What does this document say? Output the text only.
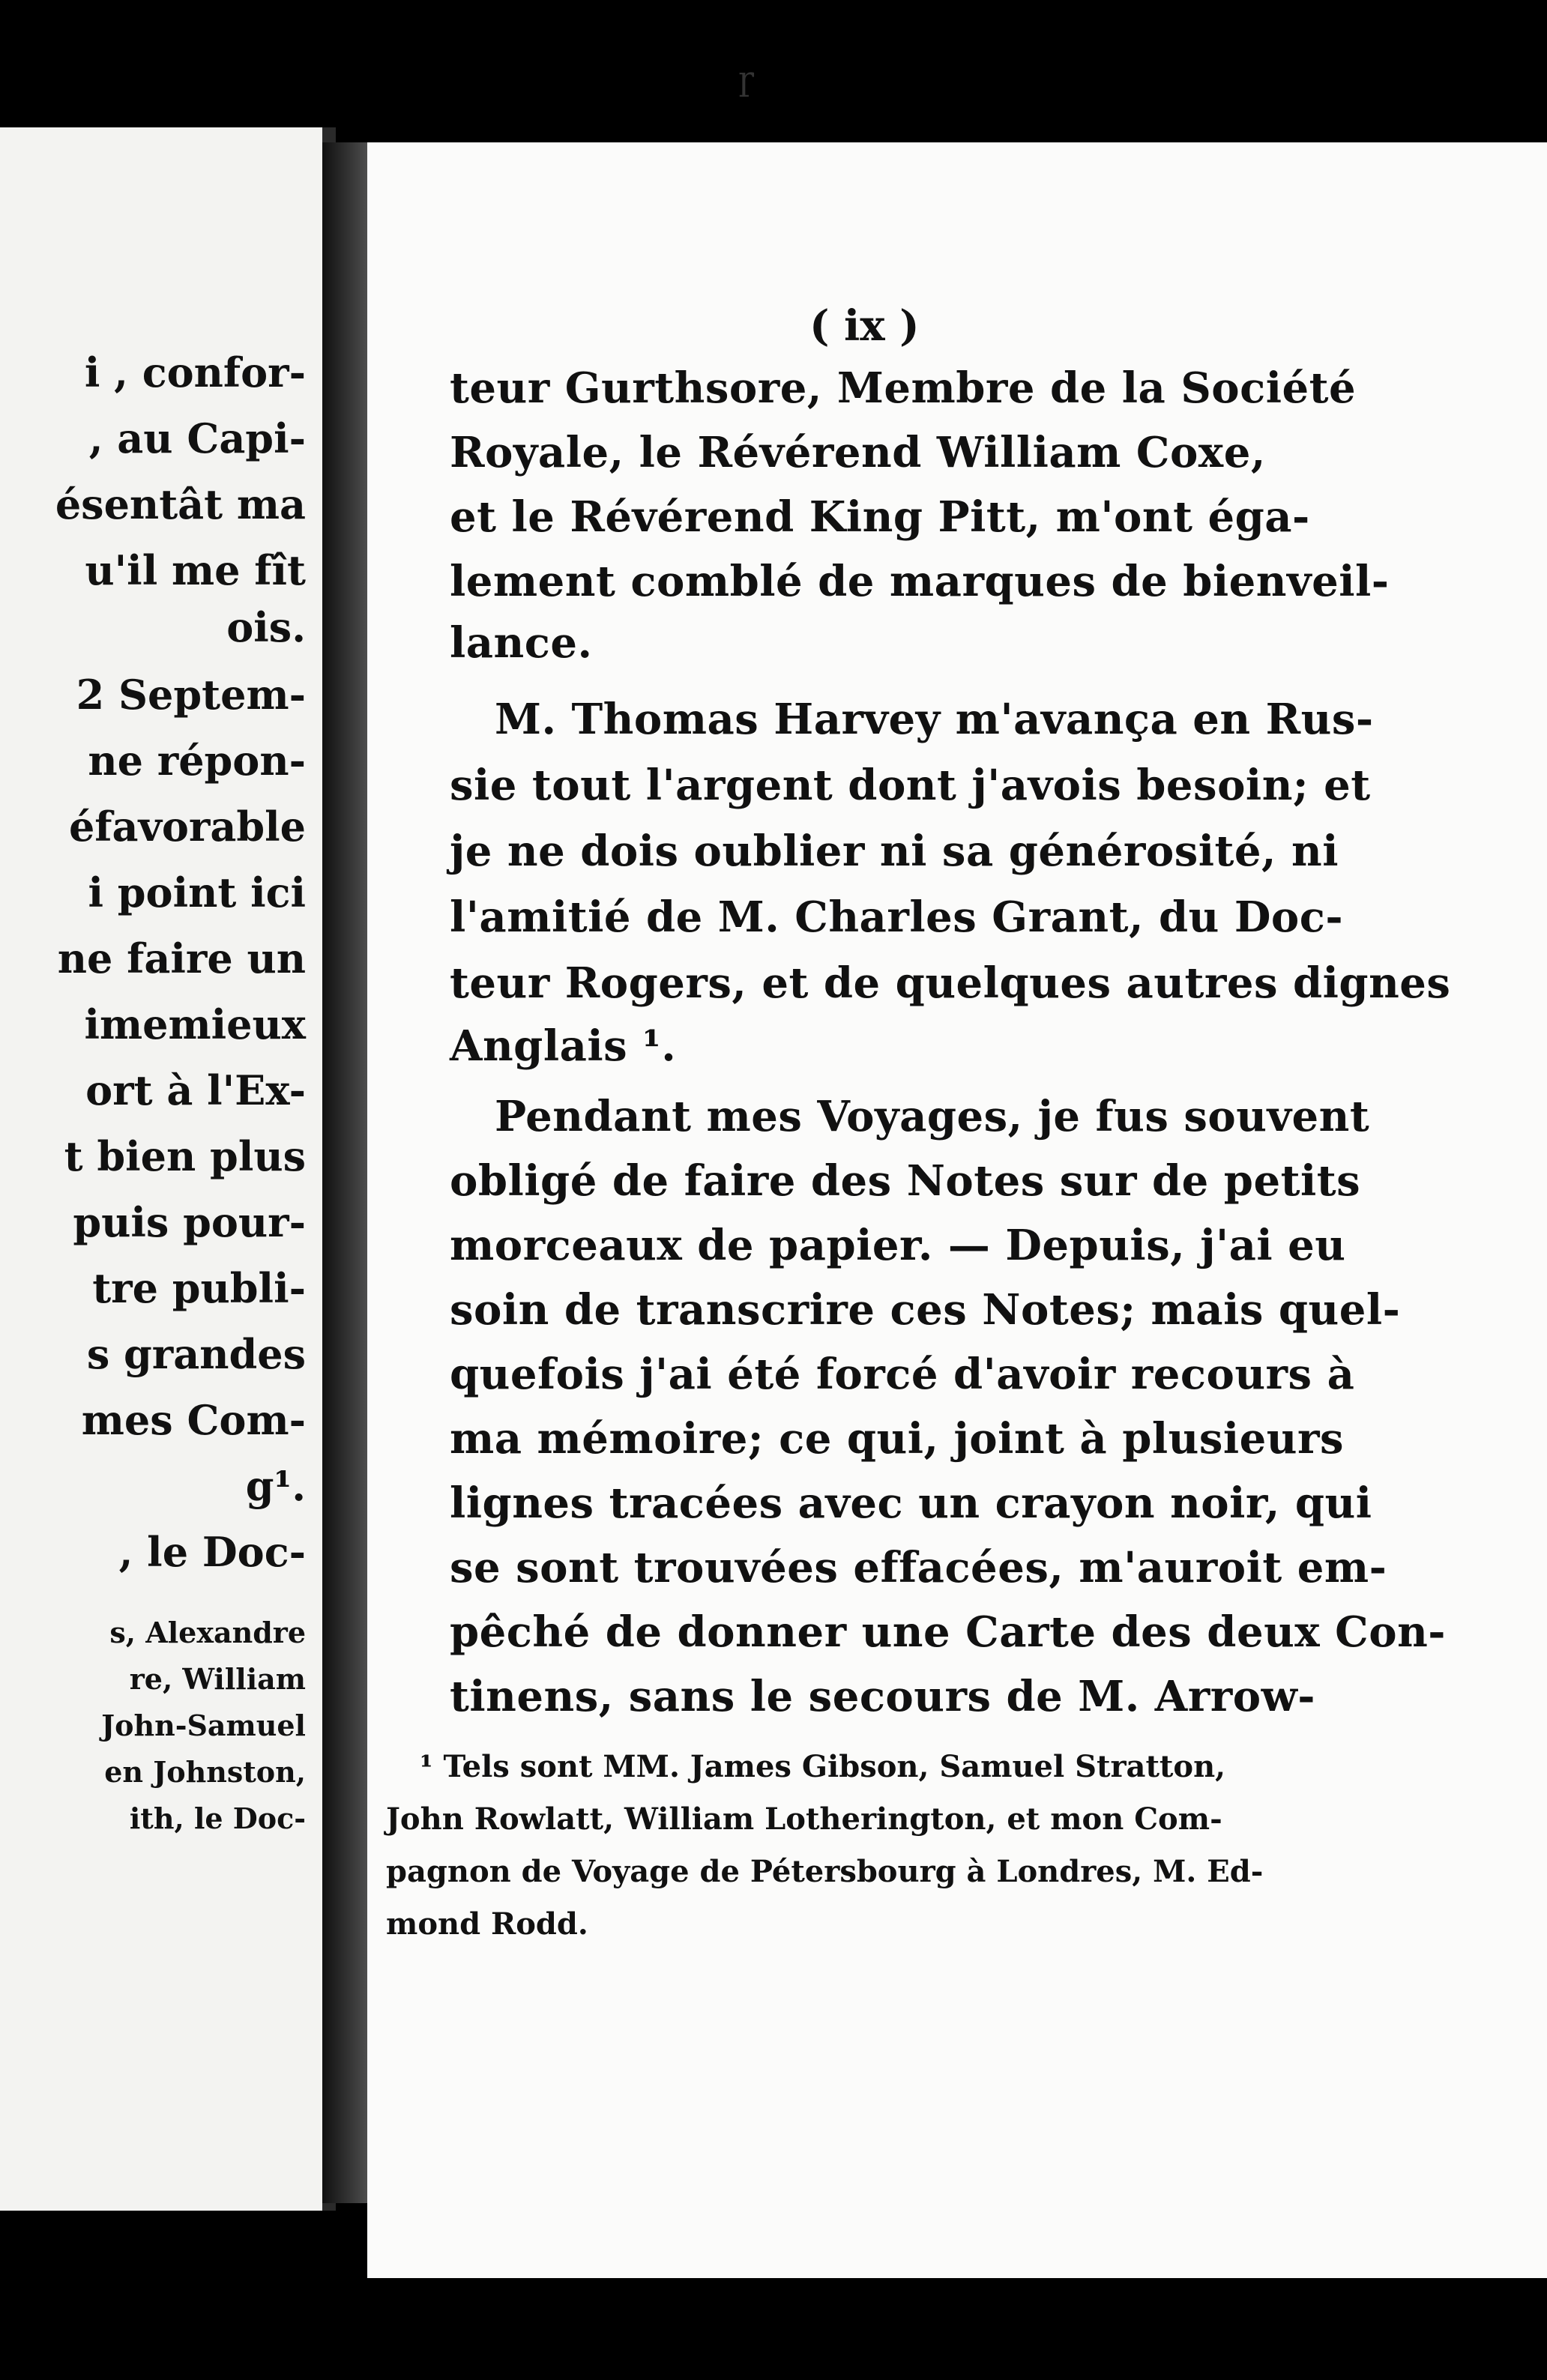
ɼ
i , confor-
, au Capi-
ésentât ma
u'il me fît
ois.
2 Septem-
ne répon-
éfavorable
i point ici
ne faire un
imemieux
ort à l'Ex-
t bien plus
puis pour-
tre publi-
s grandes
mes Com-
g¹.
, le Doc-
s, Alexandre
re, William
John-Samuel
en Johnston,
ith, le Doc-
( ix )
teur Gurthsore, Membre de la Société
Royale, le Révérend William Coxe,
et le Révérend King Pitt, m'ont éga-
lement comblé de marques de bienveil-
lance.
M. Thomas Harvey m'avança en Rus-
sie tout l'argent dont j'avois besoin; et
je ne dois oublier ni sa générosité, ni
l'amitié de M. Charles Grant, du Doc-
teur Rogers, et de quelques autres dignes
Anglais ¹.
Pendant mes Voyages, je fus souvent
obligé de faire des Notes sur de petits
morceaux de papier. — Depuis, j'ai eu
soin de transcrire ces Notes; mais quel-
quefois j'ai été forcé d'avoir recours à
ma mémoire; ce qui, joint à plusieurs
lignes tracées avec un crayon noir, qui
se sont trouvées effacées, m'auroit em-
pêché de donner une Carte des deux Con-
tinens, sans le secours de M. Arrow-
¹ Tels sont MM. James Gibson, Samuel Stratton,
John Rowlatt, William Lotherington, et mon Com-
pagnon de Voyage de Pétersbourg à Londres, M. Ed-
mond Rodd.
